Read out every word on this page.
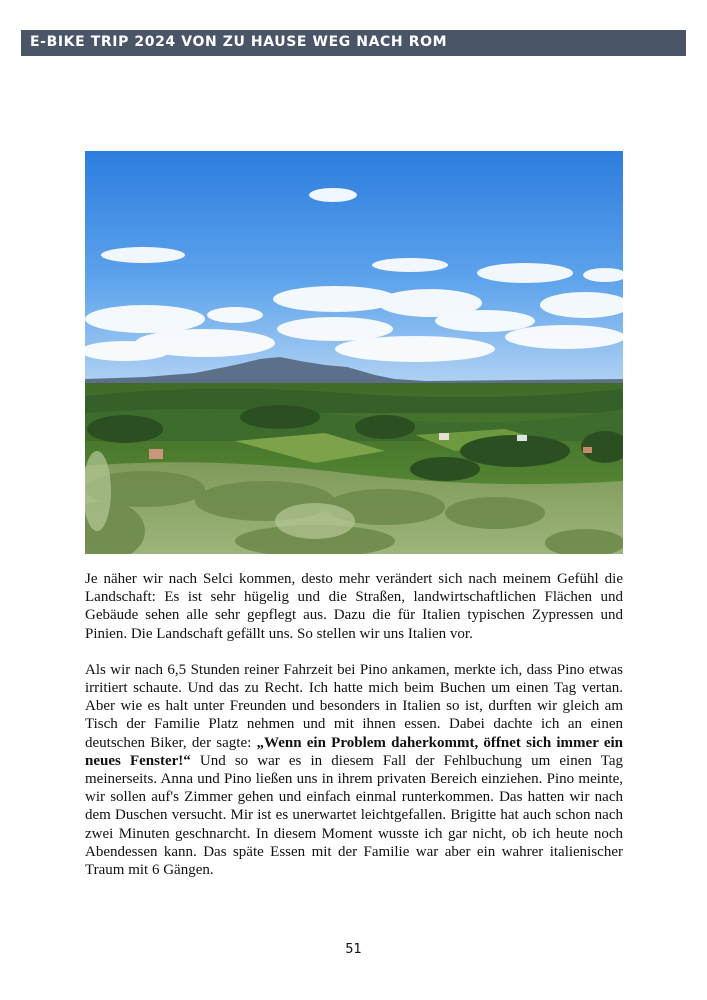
E-BIKE TRIP 2024 VON ZU HAUSE WEG NACH ROM

Je näher wir nach Selci kommen, desto mehr verändert sich nach meinem Gefühl die Landschaft: Es ist sehr hügelig und die Straßen, landwirtschaftlichen Flächen und Gebäude sehen alle sehr gepflegt aus. Dazu die für Italien typischen Zypressen und Pinien. Die Landschaft gefällt uns. So stellen wir uns Italien vor.

Als wir nach 6,5 Stunden reiner Fahrzeit bei Pino ankamen, merkte ich, dass Pino etwas irritiert schaute. Und das zu Recht. Ich hatte mich beim Buchen um einen Tag vertan. Aber wie es halt unter Freunden und besonders in Italien so ist, durften wir gleich am Tisch der Familie Platz nehmen und mit ihnen essen. Dabei dachte ich an einen deutschen Biker, der sagte: „Wenn ein Problem daherkommt, öffnet sich immer ein neues Fenster!“ Und so war es in diesem Fall der Fehlbuchung um einen Tag meinerseits. Anna und Pino ließen uns in ihrem privaten Bereich einziehen. Pino meinte, wir sollen auf's Zimmer gehen und einfach einmal runterkommen. Das hatten wir nach dem Duschen versucht. Mir ist es unerwartet leichtgefallen. Brigitte hat auch schon nach zwei Minuten geschnarcht. In diesem Moment wusste ich gar nicht, ob ich heute noch Abendessen kann. Das späte Essen mit der Familie war aber ein wahrer italienischer Traum mit 6 Gängen.

51
